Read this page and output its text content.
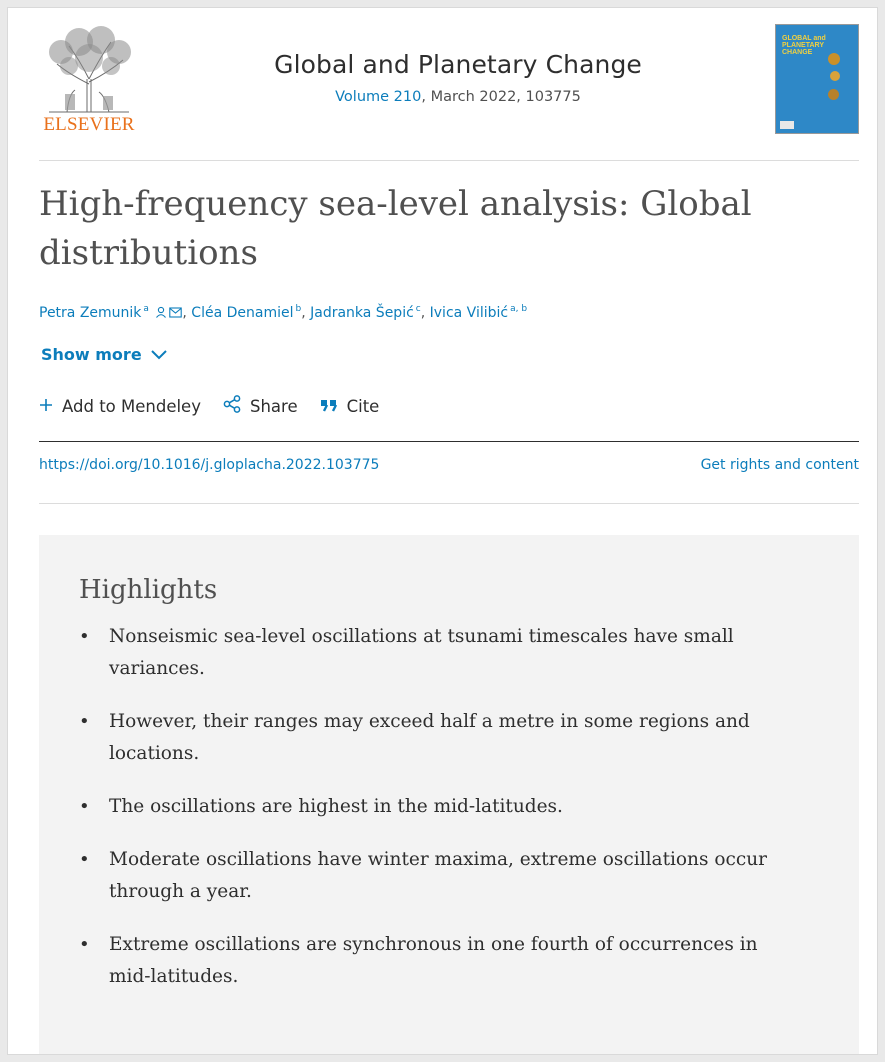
ELSEVIER
Global and Planetary Change
Volume 210, March 2022, 103775
GLOBAL and PLANETARY CHANGE
High-frequency sea-level analysis: Global distributions
Petra Zemunik $^a$ , Cléa Denamiel $^b$, Jadranka Šepić $^c$, Ivica Vilibić $^{a, b}$
Show more
Add to Mendeley	Share	Cite
https://doi.org/10.1016/j.gloplacha.2022.103775	Get rights and content
Highlights
• Nonseismic sea-level oscillations at tsunami timescales have small variances.
• However, their ranges may exceed half a metre in some regions and locations.
• The oscillations are highest in the mid-latitudes.
• Moderate oscillations have winter maxima, extreme oscillations occur through a year.
• Extreme oscillations are synchronous in one fourth of occurrences in mid-latitudes.
